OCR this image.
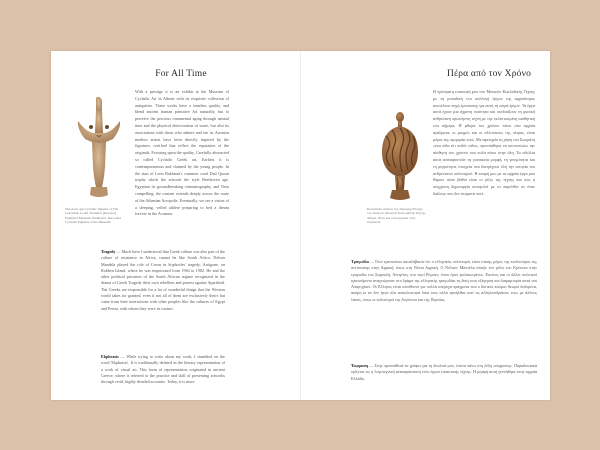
For All Time
The stone age Cycladic figurine of The Leucadian Loom. Keramos (Kerasos) Frankfurt Museum. Prehistoric Recorded Cycladic Figurine at the Museum.
With a prestige it is an exhibit at the Museum of Cycladic Art in Athens with its exquisite collection of antiquities. These works have a timeless quality, and blend ancient human primitive Art naturally, but to perceive the precious ornamental aging through natural time and the physical deterioration of stone, but also its associations with those who admire and see in, Aeonion modern artists have been directly inspired by the figurines, certified that reflect the reputation of the originals. Focusing upon the quality, Carefully abstracted so called Cycladic Greek art, Earliest it is contemporaneous and claimed by the young people. In the start of Leon Bakhmut's common coral Dad Quoan trophy which the artwork the style Beethoven age. Egyptian its groundbreaking cinematography, and Near compelling, the content extends deeply across the route of the Athenian Acropolis. Eventually, we see a vision of a sleeping, veiled athlete preparing to bed a dream forever in the Acumen.
Tragedy — Much have I understood that Greek culture was also part of the culture of resistance in Africa, cannot be like South Africa. Nelson Mandela played the role of Creon in Sophocles' tragedy, Antigone, on Robben Island, where he was imprisoned from 1964 to 1982. He and the other political prisoners of the South African regime recognized in the drama of Greek Tragedy their own rebellion and protest against Apartheid. The Greeks are responsible for a lot of wonderful things that the Western world takes for granted, even if not all of them are exclusively theirs but came from their interactions with other peoples like the cultures of Egypt and Persia, with whom they were in contact.
Ekphrasis — While trying to write about my work, I stumbled on the word 'Ekphrasis'. It is traditionally defined as the literary representation of a work of visual art. This form of representation originated in ancient Greece, where it referred to the practice and skill of presenting artworks through vivid, highly detailed accounts. Today, it is more
Πέρα από τον Χρόνο
Κυκλαδικό ειδώλιο της Πρώιμης Εποχής του Χαλκού. Μουσείο Κυκλαδικής Τέχνης, Αθήνα. Ξύλο και ελαιογραφία στην επιφάνεια.
Η πρόσφατη επισκεψή μου στο Μουσείο Κυκλαδικής Τέχνης με τη μοναδική του συλλογή έργων της αρχαιότητας αποτέλεσε πηγή έμπνευσης για αυτή τη σειρά έργων. Τα έργα αυτά έχουν μια άχρονη ποιότητα και συνδυάζουν τη φυσική ανθρώπινη πρωτόγονη τέχνη με την εκλεπτυσμένη αισθητική του σήμερα. Η φθορά του χρόνου πάνω στα αρχαία αγάλματα, οι ρωγμές και οι αλλοιώσεις της πέτρας, είναι μέρος της ομορφιάς τους. Με αφετηρία τη ρήση του Σωκράτη «ένα οίδα ότι ουδέν οίδα», προσπάθησα να αποτυπώσω την αίσθηση του χρόνου που κυλά πάνω στην ύλη. Τα ειδώλια αυτά αναπαριστούν τη γυναικεία μορφή, τη γονιμότητα και τη μητρότητα, στοιχεία που διατρέχουν όλη την ιστορία του ανθρώπινου πολιτισμού. Η επαφή μου με τα αρχαία έργα μου θύμισε πόσο βαθιά είναι οι ρίζες της τέχνης και πώς η σύγχρονη δημιουργία συνομιλεί με το παρελθόν σε έναν διάλογο που δεν σταματά ποτέ.
Τραγωδία — Όσο ερευνούσα καταλάβαινα ότι ο ελληνικός πολιτισμός είναι επίσης μέρος της κουλτούρας της αντίστασης στην Αφρική, όπως στη Νότια Αφρική. Ο Νέλσον Μαντέλα έπαιξε τον ρόλο του Κρέοντα στην τραγωδία του Σοφοκλή, Αντιγόνη, στο νησί Ρόμπεν, όπου ήταν φυλακισμένος. Εκείνος και οι άλλοι πολιτικοί κρατούμενοι αναγνώρισαν στο δράμα της ελληνικής τραγωδίας τη δική τους εξέγερση και διαμαρτυρία κατά του Απαρτχάιντ. Οι Έλληνες είναι υπεύθυνοι για πολλά υπέροχα πράγματα που ο δυτικός κόσμος θεωρεί δεδομένα, ακόμη κι αν δεν ήταν όλα αποκλειστικά δικά τους αλλά προήλθαν από τις αλληλεπιδράσεις τους με άλλους λαούς, όπως οι πολιτισμοί της Αιγύπτου και της Περσίας.
Έκφραση — Στην προσπάθειά να γράψω για τη δουλειά μου, έπεσα πάνω στη λέξη «έκφραση». Παραδοσιακά ορίζεται ως η λογοτεχνική αναπαράσταση ενός έργου εικαστικής τέχνης. Η μορφή αυτή γεννήθηκε στην αρχαία Ελλάδα.
